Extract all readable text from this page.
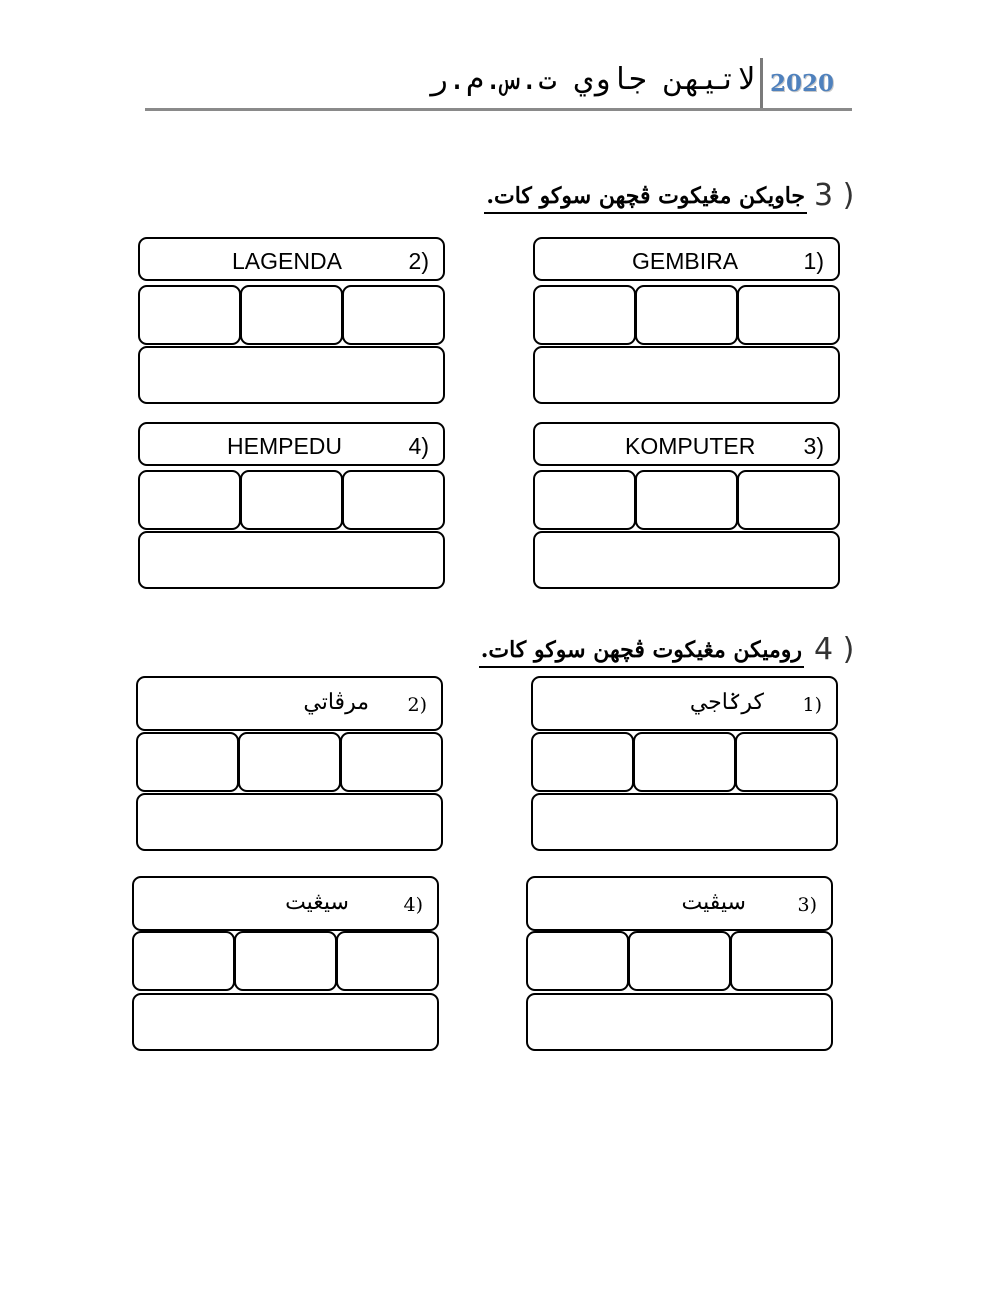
لاتيهن جاوي ت.س.م.ر 2020
3 )
جاويكن مڠيكوت ڤچهن سوکو كات.
GEMBIRA	1)
LAGENDA	2)
KOMPUTER 3)
HEMPEDU	4)
4 )
روميكن مڠيكوت ڤچهن سوکو كات.
كرݢاجي 1)
مرڤاتي 2)
سيڤيت	3)
سيڠيت	4)
